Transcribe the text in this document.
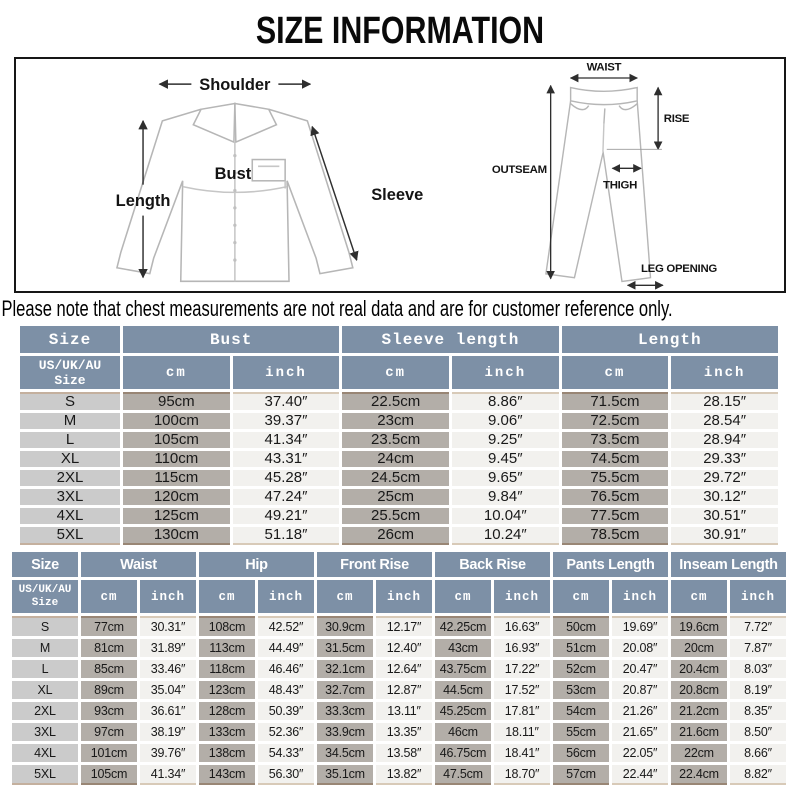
SIZE INFORMATION
Shoulder
Length
Bust
Sleeve
WAIST
RISE
OUTSEAM
THIGH
LEG OPENING
Please note that chest measurements are not real data and are for customer reference only.
Size	Bust		Sleeve length		Length	
US/UK/AU Size	cm	inch	cm	inch	cm	inch
S	95cm	37.40″	22.5cm	8.86″	71.5cm	28.15″
M	100cm	39.37″	23cm	9.06″	72.5cm	28.54″
L	105cm	41.34″	23.5cm	9.25″	73.5cm	28.94″
XL	110cm	43.31″	24cm	9.45″	74.5cm	29.33″
2XL	115cm	45.28″	24.5cm	9.65″	75.5cm	29.72″
3XL	120cm	47.24″	25cm	9.84″	76.5cm	30.12″
4XL	125cm	49.21″	25.5cm	10.04″	77.5cm	30.51″
5XL	130cm	51.18″	26cm	10.24″	78.5cm	30.91″
Size	Waist		Hip		Front Rise		Back Rise		Pants Length		Inseam Length	
US/UK/AU Size	cm	inch	cm	inch	cm	inch	cm	inch	cm	inch	cm	inch
S	77cm	30.31″	108cm	42.52″	30.9cm	12.17″	42.25cm	16.63″	50cm	19.69″	19.6cm	7.72″
M	81cm	31.89″	113cm	44.49″	31.5cm	12.40″	43cm	16.93″	51cm	20.08″	20cm	7.87″
L	85cm	33.46″	118cm	46.46″	32.1cm	12.64″	43.75cm	17.22″	52cm	20.47″	20.4cm	8.03″
XL	89cm	35.04″	123cm	48.43″	32.7cm	12.87″	44.5cm	17.52″	53cm	20.87″	20.8cm	8.19″
2XL	93cm	36.61″	128cm	50.39″	33.3cm	13.11″	45.25cm	17.81″	54cm	21.26″	21.2cm	8.35″
3XL	97cm	38.19″	133cm	52.36″	33.9cm	13.35″	46cm	18.11″	55cm	21.65″	21.6cm	8.50″
4XL	101cm	39.76″	138cm	54.33″	34.5cm	13.58″	46.75cm	18.41″	56cm	22.05″	22cm	8.66″
5XL	105cm	41.34″	143cm	56.30″	35.1cm	13.82″	47.5cm	18.70″	57cm	22.44″	22.4cm	8.82″
